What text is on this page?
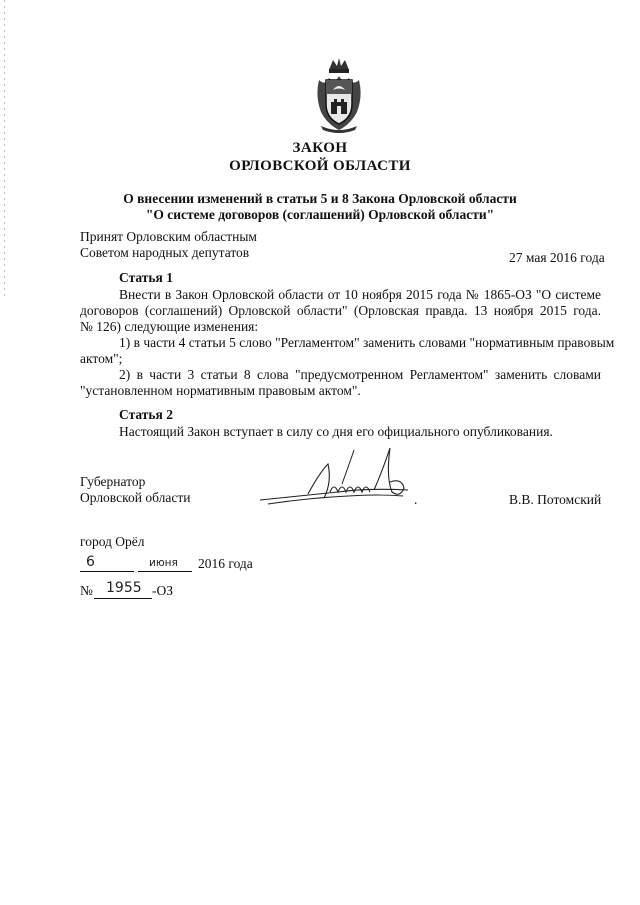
ЗАКОН
ОРЛОВСКОЙ ОБЛАСТИ
О внесении изменений в статьи 5 и 8 Закона Орловской области
"О системе договоров (соглашений) Орловской области"
Принят Орловским областным
Советом народных депутатов	27 мая 2016 года
Статья 1
Внести в Закон Орловской области от 10 ноября 2015 года № 1865-ОЗ "О системе
договоров (соглашений) Орловской области" (Орловская правда. 13 ноября 2015 года.
№ 126) следующие изменения:
1) в части 4 статьи 5 слово "Регламентом" заменить словами "нормативным правовым
актом";
2) в части 3 статьи 8 слова "предусмотренном Регламентом" заменить словами
"установленном нормативным правовым актом".
Статья 2
Настоящий Закон вступает в силу со дня его официального опубликования.
Губернатор
Орловской области	.	В.В. Потомский
город Орёл
6	июня 2016 года
№ 1955 -ОЗ
